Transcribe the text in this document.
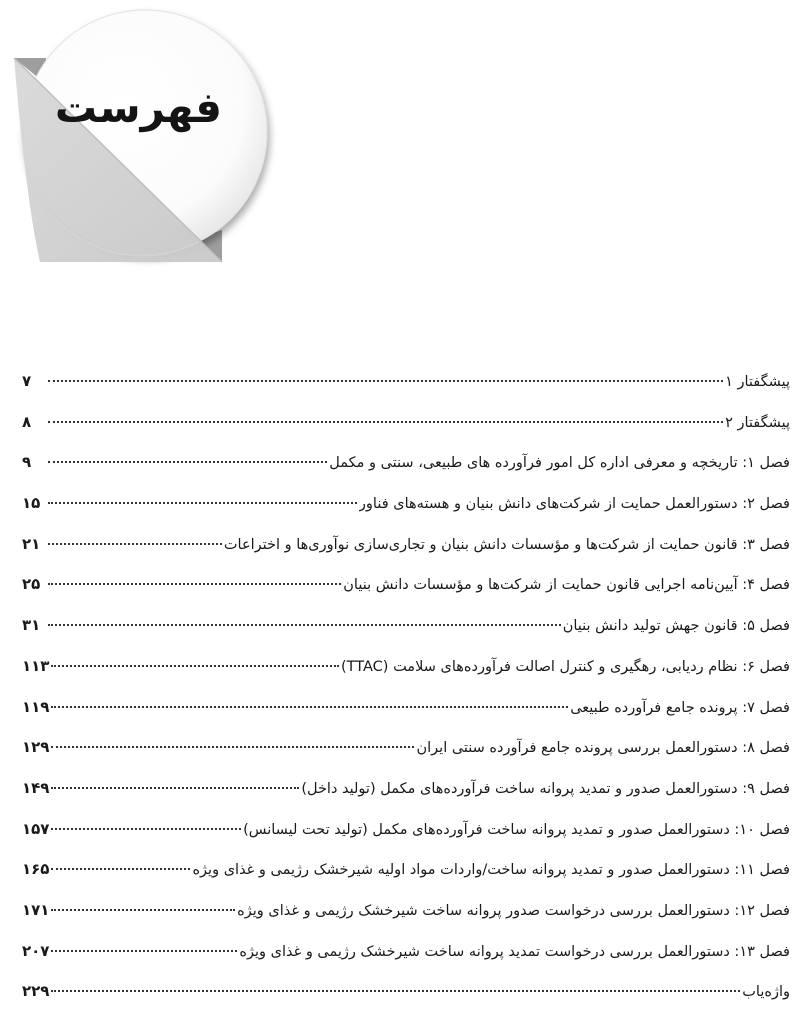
فهرست
پیشگفتار ۱
۷
پیشگفتار ۲
۸
فصل ۱: تاریخچه و معرفی اداره کل امور فرآورده های طبیعی، سنتی و مکمل
۹
فصل ۲: دستورالعمل حمایت از شرکت‌های دانش بنیان و هسته‌های فناور
۱۵
فصل ۳: قانون حمایت از شرکت‌ها و مؤسسات دانش بنیان و تجاری‌سازی نوآوری‌ها و اختراعات
۲۱
فصل ۴: آیین‌نامه اجرایی قانون حمایت از شرکت‌ها و مؤسسات دانش بنیان
۲۵
فصل ۵: قانون جهش تولید دانش بنیان
۳۱
فصل ۶: نظام ردیابی، رهگیری و کنترل اصالت فرآورده‌های سلامت (TTAC)
۱۱۳
فصل ۷: پرونده جامع فرآورده طبیعی
۱۱۹
فصل ۸: دستورالعمل بررسی پرونده جامع فرآورده سنتی ایران
۱۲۹
فصل ۹: دستورالعمل صدور و تمدید پروانه ساخت فرآورده‌های مکمل (تولید داخل)
۱۴۹
فصل ۱۰: دستورالعمل صدور و تمدید پروانه ساخت فرآورده‌های مکمل (تولید تحت لیسانس)
۱۵۷
فصل ۱۱: دستورالعمل صدور و تمدید پروانه ساخت/واردات مواد اولیه شیرخشک رژیمی و غذای ویژه
۱۶۵
فصل ۱۲: دستورالعمل بررسی درخواست صدور پروانه ساخت شیرخشک رژیمی و غذای ویژه
۱۷۱
فصل ۱۳: دستورالعمل بررسی درخواست تمدید پروانه ساخت شیرخشک رژیمی و غذای ویژه
۲۰۷
واژه‌یاب
۲۲۹
